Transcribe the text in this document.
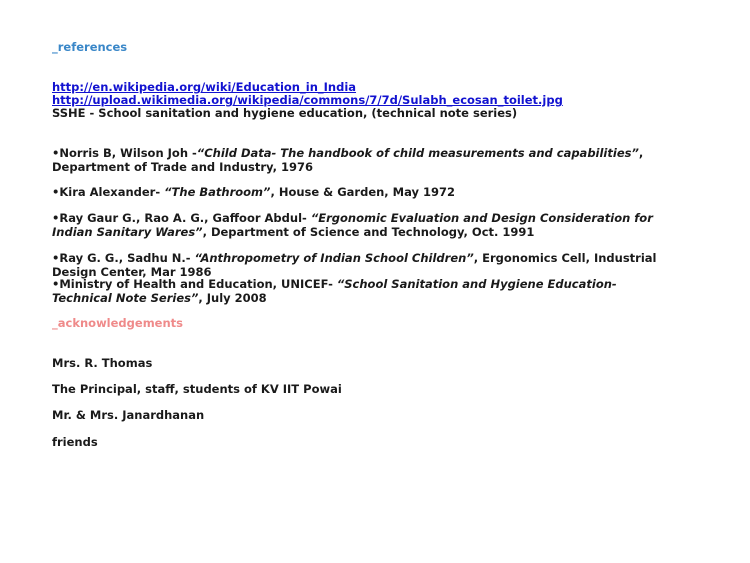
_references
http://en.wikipedia.org/wiki/Education_in_India
http://upload.wikimedia.org/wikipedia/commons/7/7d/Sulabh_ecosan_toilet.jpg
SSHE - School sanitation and hygiene education, (technical note series)
•Norris B, Wilson Joh -“Child Data- The handbook of child measurements and capabilities”, Department of Trade and Industry, 1976
•Kira Alexander- “The Bathroom”, House & Garden, May 1972
•Ray Gaur G., Rao A. G., Gaffoor Abdul- “Ergonomic Evaluation and Design Consideration for Indian Sanitary Wares”, Department of Science and Technology, Oct. 1991
•Ray G. G., Sadhu N.- “Anthropometry of Indian School Children”, Ergonomics Cell, Industrial Design Center, Mar 1986
•Ministry of Health and Education, UNICEF- “School Sanitation and Hygiene Education- Technical Note Series”, July 2008
_acknowledgements
Mrs. R. Thomas
The Principal, staff, students of KV IIT Powai
Mr. & Mrs. Janardhanan
friends
